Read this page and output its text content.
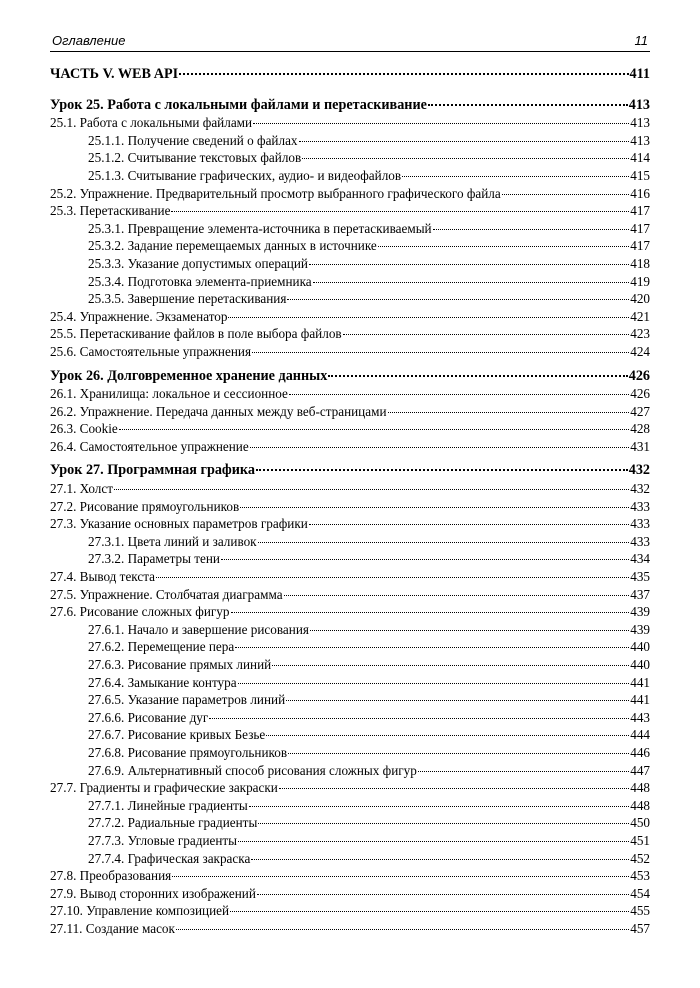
Оглавление	11
ЧАСТЬ V. WEB API	411
Урок 25. Работа с локальными файлами и перетаскивание	413
25.1. Работа с локальными файлами	413
25.1.1. Получение сведений о файлах	413
25.1.2. Считывание текстовых файлов	414
25.1.3. Считывание графических, аудио- и видеофайлов	415
25.2. Упражнение. Предварительный просмотр выбранного графического файла	416
25.3. Перетаскивание	417
25.3.1. Превращение элемента-источника в перетаскиваемый	417
25.3.2. Задание перемещаемых данных в источнике	417
25.3.3. Указание допустимых операций	418
25.3.4. Подготовка элемента-приемника	419
25.3.5. Завершение перетаскивания	420
25.4. Упражнение. Экзаменатор	421
25.5. Перетаскивание файлов в поле выбора файлов	423
25.6. Самостоятельные упражнения	424
Урок 26. Долговременное хранение данных	426
26.1. Хранилища: локальное и сессионное	426
26.2. Упражнение. Передача данных между веб-страницами	427
26.3. Cookie	428
26.4. Самостоятельное упражнение	431
Урок 27. Программная графика	432
27.1. Холст	432
27.2. Рисование прямоугольников	433
27.3. Указание основных параметров графики	433
27.3.1. Цвета линий и заливок	433
27.3.2. Параметры тени	434
27.4. Вывод текста	435
27.5. Упражнение. Столбчатая диаграмма	437
27.6. Рисование сложных фигур	439
27.6.1. Начало и завершение рисования	439
27.6.2. Перемещение пера	440
27.6.3. Рисование прямых линий	440
27.6.4. Замыкание контура	441
27.6.5. Указание параметров линий	441
27.6.6. Рисование дуг	443
27.6.7. Рисование кривых Безье	444
27.6.8. Рисование прямоугольников	446
27.6.9. Альтернативный способ рисования сложных фигур	447
27.7. Градиенты и графические закраски	448
27.7.1. Линейные градиенты	448
27.7.2. Радиальные градиенты	450
27.7.3. Угловые градиенты	451
27.7.4. Графическая закраска	452
27.8. Преобразования	453
27.9. Вывод сторонних изображений	454
27.10. Управление композицией	455
27.11. Создание масок	457
